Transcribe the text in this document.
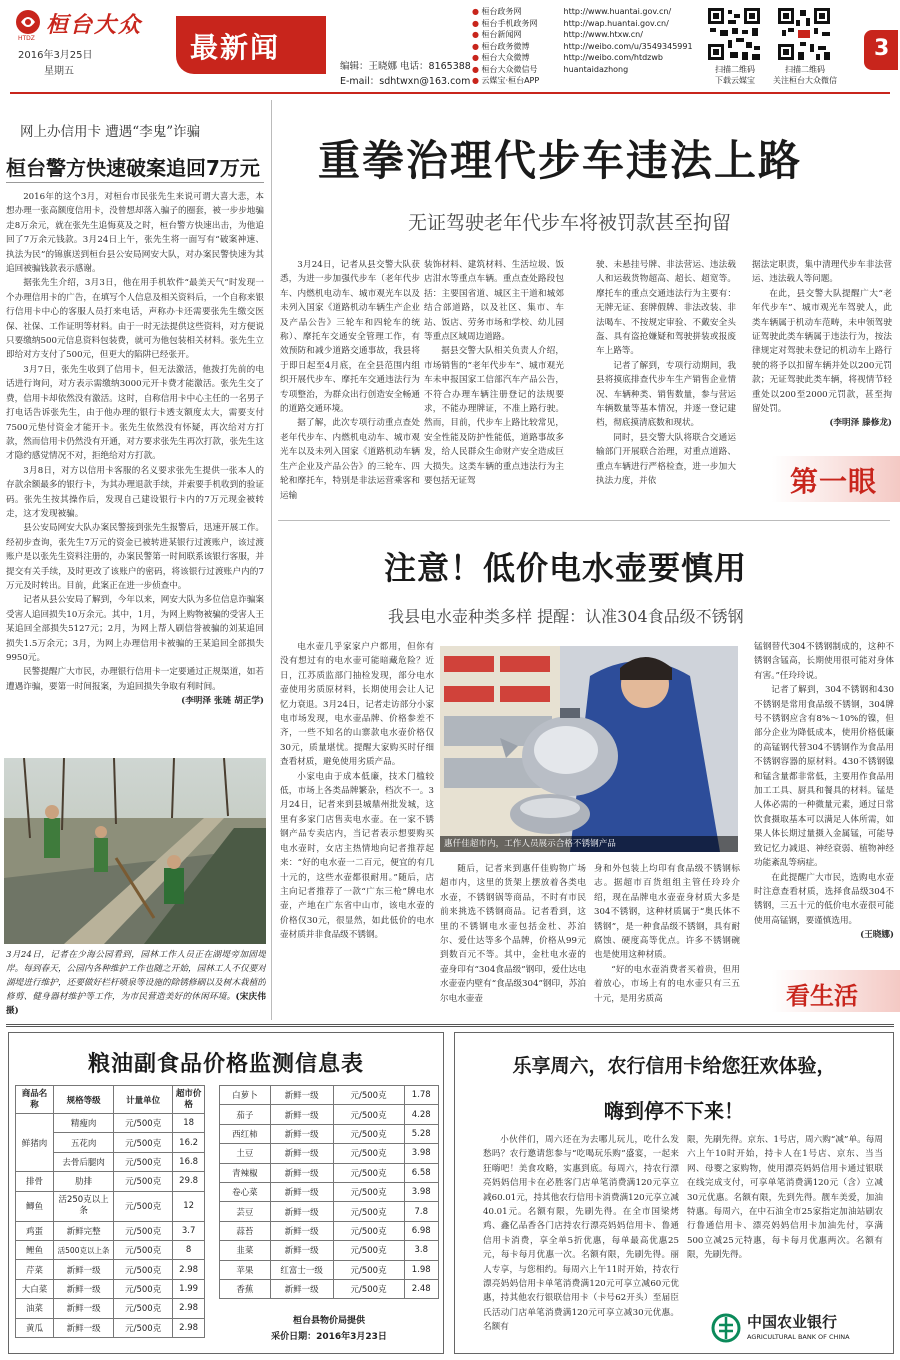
桓台大众
HTDZ
2016年3月25日
星期五
最新闻
编辑：王晓娜 电话：8165388
E-mail：sdhtwxn@163.com
● 桓台政务网	http://www.huantai.gov.cn/
● 桓台手机政务网	http://wap.huantai.gov.cn/
● 桓台新闻网	http://www.htxw.cn/
● 桓台政务微博	http://weibo.com/u/3549345991
● 桓台大众微博	http://weibo.com/htdzwb
● 桓台大众微信号	huantaidazhong
● 云媒宝·桓台APP
扫描二维码
下载云媒宝
扫描二维码
关注桓台大众微信
3
网上办信用卡 遭遇“李鬼”诈骗
桓台警方快速破案追回7万元

2016年的这个3月，对桓台市民张先生来说可谓大喜大悲，本想办理一张高额度信用卡，没曾想却落入骗子的圈套，被一步步地骗走8万余元，就在张先生追悔莫及之时，桓台警方快速出击，为他追回了7万余元钱款。3月24日上午，张先生将一面写有“破案神速、执法为民”的锦旗送到桓台县公安局网安大队，对办案民警快速为其追回被骗钱款表示感谢。

据张先生介绍，3月3日，他在用手机软件“最美天气”时发现一个办理信用卡的广告，在填写个人信息及相关资料后，一个自称来银行信用卡中心的客服人员打来电话，声称办卡还需要张先生缴交医保、社保、工作证明等材料。由于一时无法提供这些资料，对方便说只要缴纳500元信息资料包装费，就可为他包装相关材料。张先生立即给对方支付了500元，但更大的陷阱已经张开。

3月7日，张先生收到了信用卡，但无法激活，他拨打先前的电话进行询问，对方表示需缴纳3000元开卡费才能激活。张先生交了费，信用卡却依然没有激活。这时，自称信用卡中心主任的一名男子打电话告诉张先生，由于他办理的银行卡透支额度太大，需要支付7500元垫付资金才能开卡。张先生依然没有怀疑，再次给对方打款，然而信用卡仍然没有开通，对方要求张先生再次打款，张先生这才隐约感觉情况不对，拒绝给对方打款。

3月8日，对方以信用卡客服的名义要求张先生提供一张本人的存款余额最多的银行卡，为其办理退款手续，并索要手机收到的验证码。张先生按其操作后，发现自己建设银行卡内的7万元现金被转走，这才发现被骗。

县公安局网安大队办案民警接到张先生报警后，迅速开展工作。经初步查询，张先生7万元的资金已被转进某银行过渡账户，该过渡账户是以张先生资料注册的，办案民警第一时间联系该银行客服，并提交有关手续，及时更改了该账户的密码，将该银行过渡账户内的7万元及时转出。目前，此案正在进一步侦查中。

记者从县公安局了解到，今年以来，网安大队为多位信息诈骗案受害人追回损失10万余元。其中，1月，为网上购物被骗的受害人王某追回全部损失5127元；2月，为网上帮人刷信誉被骗的刘某追回损失1.5万余元；3月，为网上办理信用卡被骗的王某追回全部损失9950元。

民警提醒广大市民，办理银行信用卡一定要通过正规渠道，如若遭遇诈骗，要第一时间报案，为追回损失争取有利时间。

(李明泽 张琏 胡正学)
3月24日，记者在少海公园看到，园林工作人员正在湖堤旁加固堤岸。每到春天，公园内各种维护工作也随之开始，园林工人不仅要对湖堤进行维护，还要做好栏杆喷泉等设施的除锈修刷以及树木栽植的修剪、健身器材维护等工作，为市民营造美好的休闲环境。(宋庆伟 摄)
重拳治理代步车违法上路
无证驾驶老年代步车将被罚款甚至拘留

3月24日，记者从县交警大队获悉，为进一步加强代步车（老年代步车、内燃机电动车、城市观光车以及未列入国家《道路机动车辆生产企业及产品公告》三轮车和四轮车的统称）、摩托车交通安全管理工作，有效预防和减少道路交通事故，我县将于即日起至4月底，在全县范围内组织开展代步车、摩托车交通违法行为专项整治，为群众出行创造安全畅通的道路交通环境。

据了解，此次专项行动重点查处老年代步车、内燃机电动车、城市观光车以及未列入国家《道路机动车辆生产企业及产品公告》的三轮车、四轮和摩托车，特别是非法运营乘客和运输

装饰材料、建筑材料、生活垃圾、饭店泔水等重点车辆。重点查处路段包括：主要国省道、城区主干道和城郊结合部道路，以及社区、集市、车站、饭店、劳务市场和学校、幼儿园等重点区域周边道路。

据县交警大队相关负责人介绍，市场销售的“老年代步车”、城市观光车未申报国家工信部汽车产品公告，不符合办理车辆注册登记的法规要求，不能办理牌证，不准上路行驶。然而，目前，代步车上路比较常见，安全性能及防护性能低，道路事故多发，给人民群众生命财产安全造成巨大损失。这类车辆的重点违法行为主要包括无证驾

驶、未悬挂号牌、非法营运、违法载人和运载货物超高、超长、超宽等。摩托车的重点交通违法行为主要有：无牌无证、套牌假牌、非法改装、非法喝车、不按规定审验、不戴安全头盔、具有盗抢嫌疑和驾驶拼装或报废车上路等。

记者了解到，专项行动期间，我县将摸底排查代步车生产销售企业情况、车辆种类、销售数量，参与营运车辆数量等基本情况，并逐一登记建档，彻底摸清底数和现状。

同时，县交警大队将联合交通运输部门开展联合治理，对重点道路、重点车辆进行严格检查，进一步加大执法力度，并依

据法定职责，集中清理代步车非法营运、违法载人等问题。

在此，县交警大队提醒广大“老年代步车”、城市观光车驾驶人，此类车辆属于机动车范畴，未申领驾驶证驾驶此类车辆属于违法行为，按法律规定对驾驶未登记的机动车上路行驶的将予以扣留车辆并处以200元罚款；无证驾驶此类车辆，将视情节轻重处以200至2000元罚款，甚至拘留处罚。

(李明泽 滕修龙)
第一眼
注意！低价电水壶要慎用
我县电水壶种类多样 提醒：认准304食品级不锈钢

电水壶几乎家家户户都用，但你有没有想过有的电水壶可能暗藏危险？近日，江苏质监部门抽检发现，部分电水壶使用劣质原材料，长期使用会让人记忆力衰退。3月24日，记者走访部分小家电市场发现，电水壶品牌、价格参差不齐，一些不知名的山寨款电水壶价格仅30元，质量堪忧。提醒大家购买时仔细查看材质，避免使用劣质产品。

小家电由于成本低廉，技术门槛较低，市场上各类品牌繁杂，档次不一。3月24日，记者来到县城鼎州批发城，这里有多家门店售卖电水壶。在一家不锈钢产品专卖店内，当记者表示想要购买电水壶时，女店主热情地向记者推荐起来：“好的电水壶一二百元，便宜的有几十元的，这些水壶都很耐用。”随后，店主向记者推荐了一款“广东三枪”牌电水壶，产地在广东省中山市，该电水壶的价格仅30元，很显然，如此低价的电水壶材质并非食品级不锈钢。

惠仟佳超市内，工作人员展示合格不锈钢产品

随后，记者来到惠仟佳购物广场超市内，这里的货架上摆放着各类电水壶，不锈钢锅等商品，不时有市民前来挑选不锈钢商品。记者看到，这里的不锈钢电水壶包括金杜、苏泊尔、爱仕达等多个品牌，价格从99元到数百元不等。其中，金杜电水壶的壶身印有“304食品级”钢印，爱仕达电水壶壶内壁有“食品级304”钢印，苏泊尔电水壶壶

身和外包装上均印有食品级不锈钢标志。据超市百货组组主管任玲玲介绍，现在品牌电水壶壶身材质大多是304不锈钢，这种材质属于“奥氏体不锈钢”，是一种食品级不锈钢，具有耐腐蚀、硬度高等优点。许多不锈钢碗也是使用这种材质。

“好的电水壶消费者买着贵，但用着放心，市场上有的电水壶只有三五十元，是用劣质高

锰钢替代304不锈钢制成的，这种不锈钢含锰高，长期使用很可能对身体有害。”任玲玲说。

记者了解到，304不锈钢和430不锈钢是常用食品级不锈钢，304牌号不锈钢应含有8%～10%的镍，但部分企业为降低成本，使用价格低廉的高锰钢代替304不锈钢作为食品用不锈钢容器的原材料。430不锈钢镍和锰含量都非常低，主要用作食品用加工工具、厨具和餐具的材料。锰是人体必需的一种微量元素，通过日常饮食摄取基本可以满足人体所需，如果人体长期过量摄入金属锰，可能导致记忆力减退、神经衰弱、植物神经功能紊乱等病症。

在此提醒广大市民，选购电水壶时注意查看材质，选择食品级304不锈钢，三五十元的低价电水壶很可能使用高锰钢，要谨慎选用。

(王晓娜)
看生活
粮油副食品价格监测信息表
商品名称	规格等级	计量单位	超市价格
鲜猪肉	精瘦肉	元/500克	18
	五花肉	元/500克	16.2
	去骨后腿肉	元/500克	16.8
排骨	肋排	元/500克	29.8
鲫鱼	活250克以上条	元/500克	12
鸡蛋	新鲜完整	元/500克	3.7
鲤鱼	活500克以上条	元/500克	8
芹菜	新鲜一级	元/500克	2.98
大白菜	新鲜一级	元/500克	1.99
油菜	新鲜一级	元/500克	2.98
黄瓜	新鲜一级	元/500克	2.98
白萝卜	新鲜一级	元/500克	1.78
茄子	新鲜一级	元/500克	4.28
西红柿	新鲜一级	元/500克	5.28
土豆	新鲜一级	元/500克	3.98
青辣椒	新鲜一级	元/500克	6.58
卷心菜	新鲜一级	元/500克	3.98
芸豆	新鲜一级	元/500克	7.8
蒜苔	新鲜一级	元/500克	6.98
韭菜	新鲜一级	元/500克	3.8
苹果	红富士一级	元/500克	1.98
香蕉	新鲜一级	元/500克	2.48
桓台县物价局提供
采价日期：2016年3月23日
乐享周六，农行信用卡给您狂欢体验，
嗨到停不下来！
小伙伴们，周六还在为去哪儿玩儿，吃什么发愁吗？农行邀请您参与“吃喝玩乐购”盛宴，一起来狂嗨吧！美食攻略，实惠到底。每周六，持农行漂亮妈妈信用卡在必胜客门店单笔消费满120元享立减60.01元，持其他农行信用卡消费满120元享立减40.01元。名额有限，先刷先得。在全市国梁烤鸡、鑫亿品香各门店持农行漂亮妈妈信用卡、鲁通信用卡消费，享全单5折优惠，每单最高优惠25元，每卡每月优惠一次。名额有限，先刷先得。丽人专享，与您相约。每周六上午11时开始，持农行漂亮妈妈信用卡单笔消费满120元可享立减60元优惠，持其他农行银联信用卡（卡号62开头）至届臣氏活动门店单笔消费满120元可享立减30元优惠。名额有
限，先刷先得。京东、1号店，周六购“减”单。每周六上午10时开始，持卡人在1号店、京东、当当网、母婴之家购物，使用漂亮妈妈信用卡通过银联在线完成支付，可享单笔消费满120元（含）立减30元优惠。名额有限，先到先得。靓车美爱，加油特惠。每周六，在中石油全市25家指定加油站刷农行鲁通信用卡、漂亮妈妈信用卡加油先付，享满500立减25元特惠，每卡每月优惠两次。名额有限，先刷先得。
中国农业银行
AGRICULTURAL BANK OF CHINA
